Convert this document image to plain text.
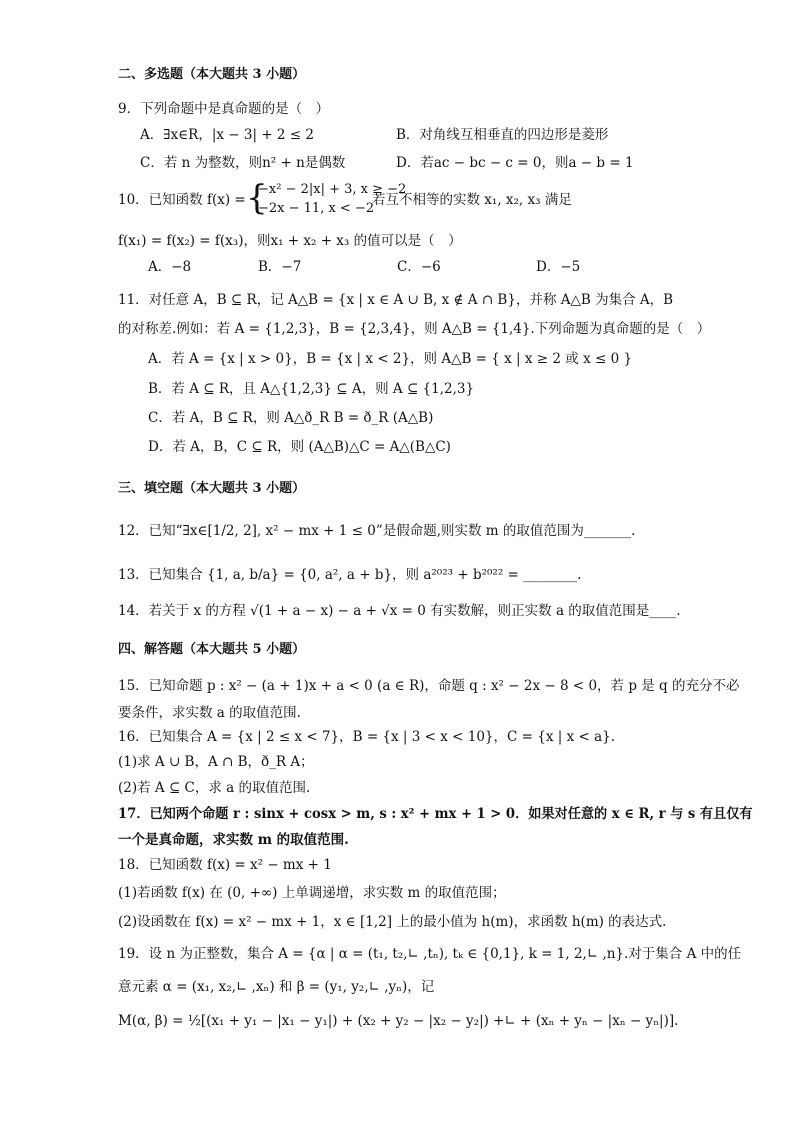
二、多选题（本大题共 3 小题）
9．下列命题中是真命题的是（　）
A．∃x∈R，|x − 3| + 2 ≤ 2	B．对角线互相垂直的四边形是菱形
C．若 n 为整数，则n² + n是偶数	D．若ac − bc − c = 0，则a − b = 1
10．已知函数 f(x) = {
−x² − 2|x| + 3, x ≥ −2
−2x − 11, x < −2
若互不相等的实数 x₁, x₂, x₃ 满足
f(x₁) = f(x₂) = f(x₃)，则x₁ + x₂ + x₃ 的值可以是（　）
A．−8	B．−7	C．−6	D．−5
11．对任意 A，B ⊆ R，记 A△B = {x | x ∈ A ∪ B, x ∉ A ∩ B}，并称 A△B 为集合 A，B
的对称差.例如：若 A = {1,2,3}，B = {2,3,4}，则 A△B = {1,4}.下列命题为真命题的是（　）
A．若 A = {x | x > 0}，B = {x | x < 2}，则 A△B = { x | x ≥ 2 或 x ≤ 0 }
B．若 A ⊆ R，且 A△{1,2,3} ⊆ A，则 A ⊆ {1,2,3}
C．若 A，B ⊆ R，则 A△ð_R B = ð_R (A△B)
D．若 A，B，C ⊆ R，则 (A△B)△C = A△(B△C)
三、填空题（本大题共 3 小题）
12．已知“∃x∈[1/2, 2], x² − mx + 1 ≤ 0”是假命题,则实数 m 的取值范围为_______.
13．已知集合 {1, a, b/a} = {0, a², a + b}，则 a²⁰²³ + b²⁰²² = ________.
14．若关于 x 的方程 √(1 + a − x) − a + √x = 0 有实数解，则正实数 a 的取值范围是____.
四、解答题（本大题共 5 小题）
15．已知命题 p : x² − (a + 1)x + a < 0 (a ∈ R)，命题 q : x² − 2x − 8 < 0，若 p 是 q 的充分不必
要条件，求实数 a 的取值范围.
16．已知集合 A = {x | 2 ≤ x < 7}，B = {x | 3 < x < 10}，C = {x | x < a}.
(1)求 A ∪ B，A ∩ B，ð_R A；
(2)若 A ⊆ C，求 a 的取值范围.
17．已知两个命题 r : sinx + cosx > m, s : x² + mx + 1 > 0．如果对任意的 x ∈ R, r 与 s 有且仅有
一个是真命题，求实数 m 的取值范围.
18．已知函数 f(x) = x² − mx + 1
(1)若函数 f(x) 在 (0, +∞) 上单调递增，求实数 m 的取值范围；
(2)设函数在 f(x) = x² − mx + 1，x ∈ [1,2] 上的最小值为 h(m)，求函数 h(m) 的表达式.
19．设 n 为正整数，集合 A = {α | α = (t₁, t₂,∟ ,tₙ), tₖ ∈ {0,1}, k = 1, 2,∟ ,n}.对于集合 A 中的任
意元素 α = (x₁, x₂,∟ ,xₙ) 和 β = (y₁, y₂,∟ ,yₙ)，记
M(α, β) = ½[(x₁ + y₁ − |x₁ − y₁|) + (x₂ + y₂ − |x₂ − y₂|) +∟ + (xₙ + yₙ − |xₙ − yₙ|)].
